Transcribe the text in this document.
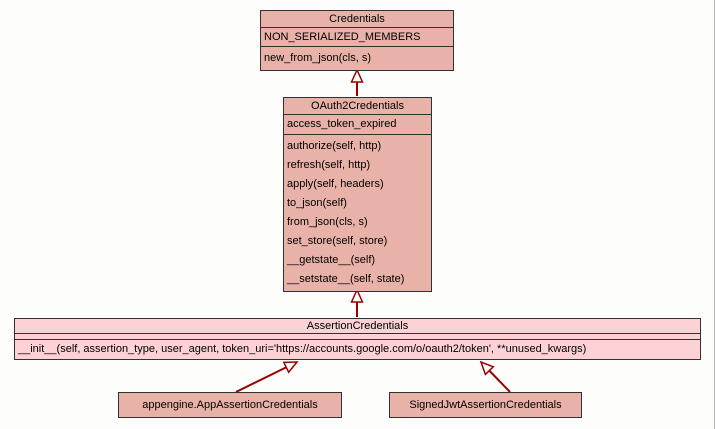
Credentials
NON_SERIALIZED_MEMBERS
new_from_json(cls, s)
OAuth2Credentials
access_token_expired
authorize(self, http)
refresh(self, http)
apply(self, headers)
to_json(self)
from_json(cls, s)
set_store(self, store)
__getstate__(self)
__setstate__(self, state)
AssertionCredentials
__init__(self, assertion_type, user_agent, token_uri='https://accounts.google.com/o/oauth2/token', **unused_kwargs)
appengine.AppAssertionCredentials	SignedJwtAssertionCredentials
